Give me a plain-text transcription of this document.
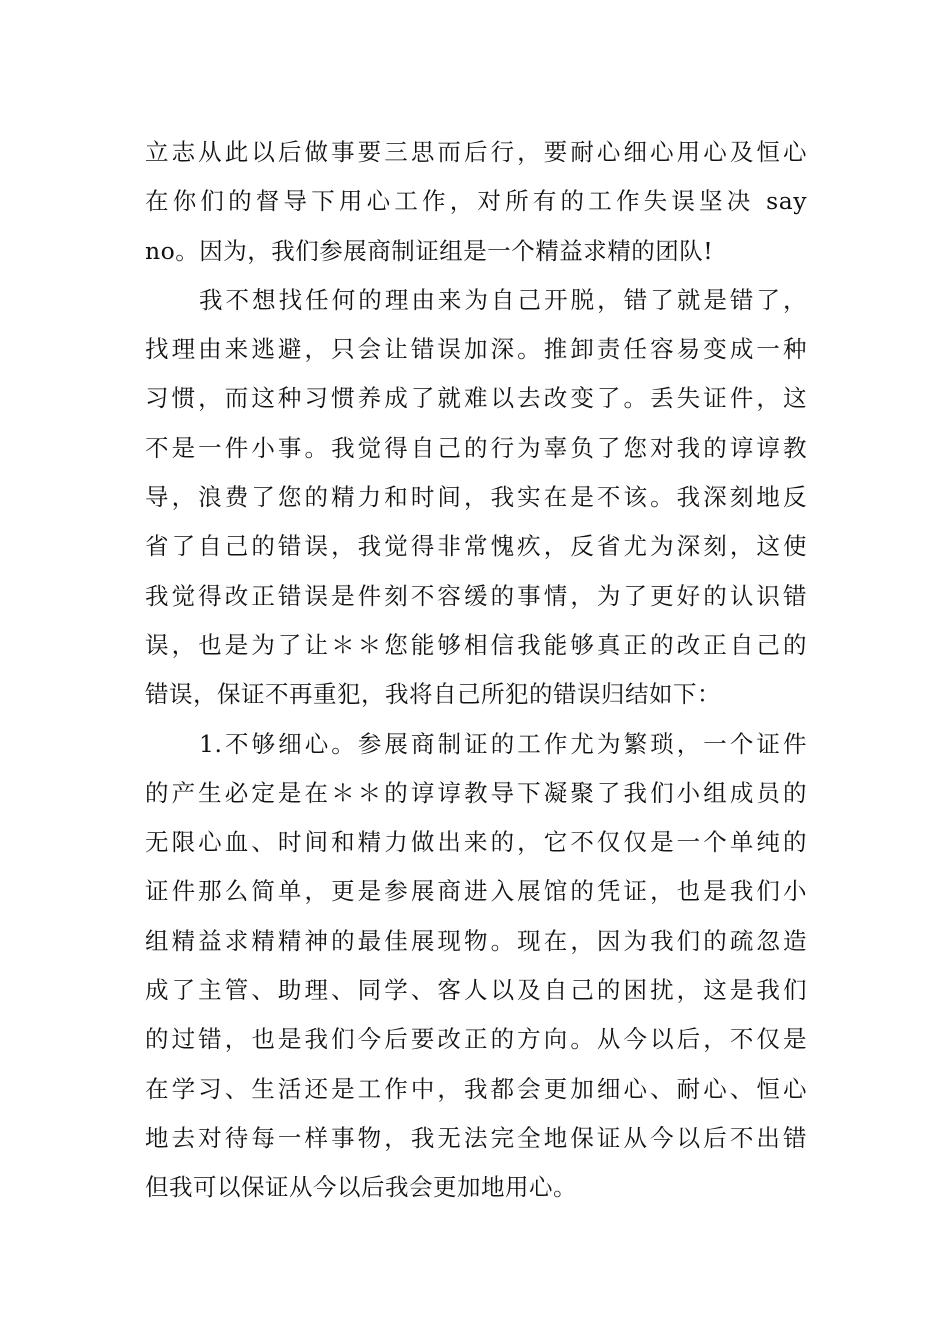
立志从此以后做事要三思而后行，要耐心细心用心及恒心
在你们的督导下用心工作，对所有的工作失误坚决 say
no。因为，我们参展商制证组是一个精益求精的团队!
我不想找任何的理由来为自己开脱，错了就是错了，
找理由来逃避，只会让错误加深。推卸责任容易变成一种
习惯，而这种习惯养成了就难以去改变了。丢失证件，这
不是一件小事。我觉得自己的行为辜负了您对我的谆谆教
导，浪费了您的精力和时间，我实在是不该。我深刻地反
省了自己的错误，我觉得非常愧疚，反省尤为深刻，这使
我觉得改正错误是件刻不容缓的事情，为了更好的认识错
误，也是为了让＊＊您能够相信我能够真正的改正自己的
错误，保证不再重犯，我将自己所犯的错误归结如下：
1.不够细心。参展商制证的工作尤为繁琐，一个证件
的产生必定是在＊＊的谆谆教导下凝聚了我们小组成员的
无限心血、时间和精力做出来的，它不仅仅是一个单纯的
证件那么简单，更是参展商进入展馆的凭证，也是我们小
组精益求精精神的最佳展现物。现在，因为我们的疏忽造
成了主管、助理、同学、客人以及自己的困扰，这是我们
的过错，也是我们今后要改正的方向。从今以后，不仅是
在学习、生活还是工作中，我都会更加细心、耐心、恒心
地去对待每一样事物，我无法完全地保证从今以后不出错
但我可以保证从今以后我会更加地用心。
